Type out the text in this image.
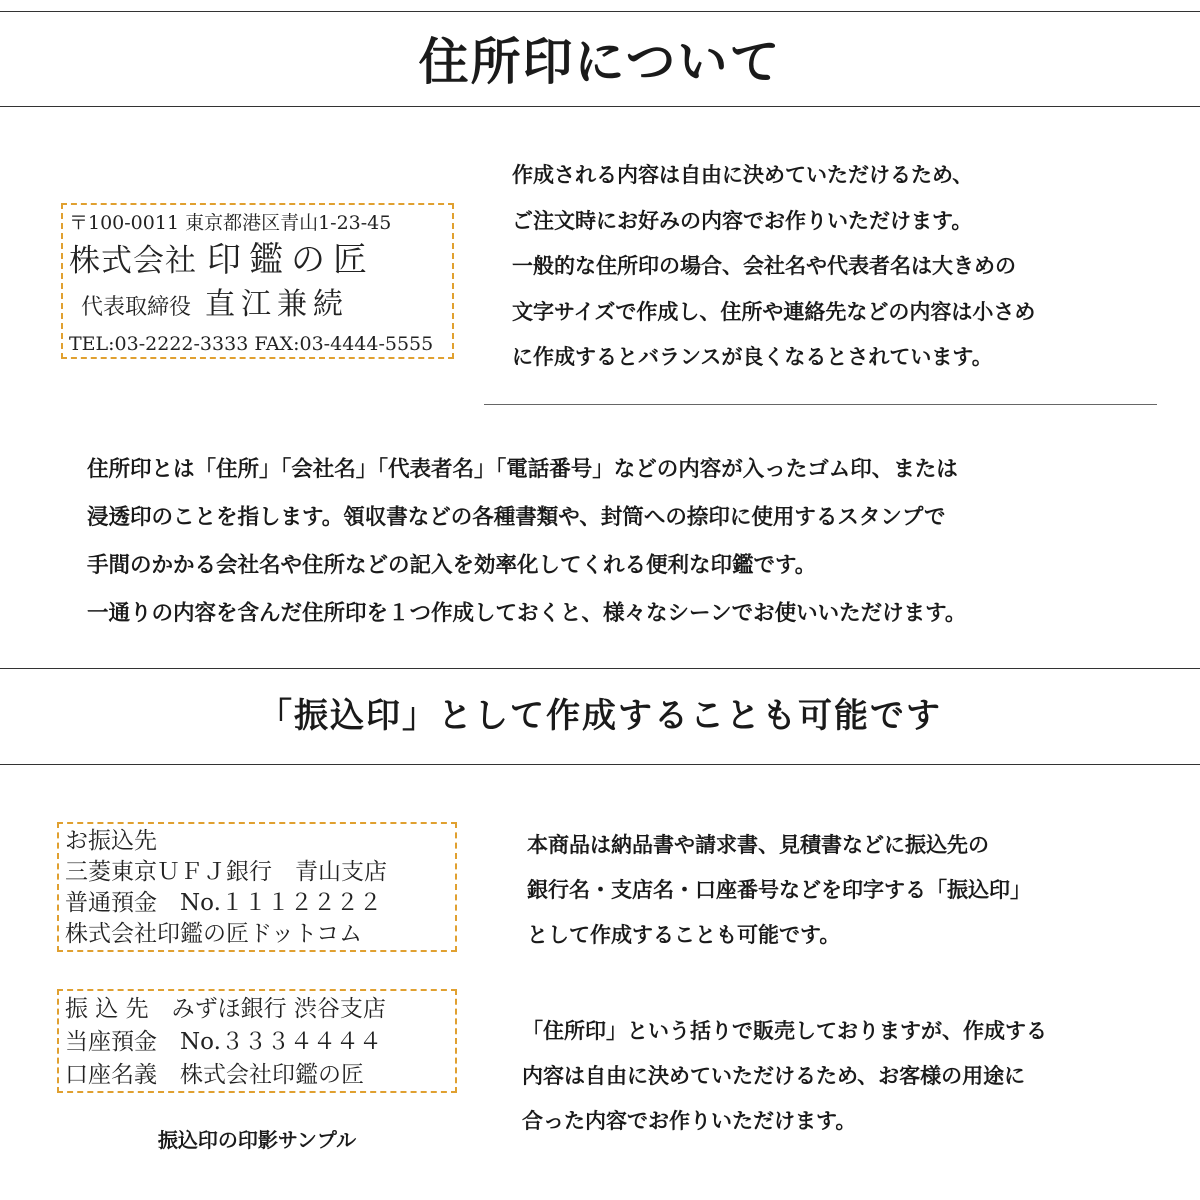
住所印について
〒100-0011 東京都港区青山1-23-45
株式会社 印鑑の匠
代表取締役 直江兼続
TEL:03-2222-3333 FAX:03-4444-5555
作成される内容は自由に決めていただけるため、
ご注文時にお好みの内容でお作りいただけます。
一般的な住所印の場合、会社名や代表者名は大きめの
文字サイズで作成し、住所や連絡先などの内容は小さめ
に作成するとバランスが良くなるとされています。
住所印とは「住所」「会社名」「代表者名」「電話番号」などの内容が入ったゴム印、または
浸透印のことを指します。領収書などの各種書類や、封筒への捺印に使用するスタンプで
手間のかかる会社名や住所などの記入を効率化してくれる便利な印鑑です。
一通りの内容を含んだ住所印を１つ作成しておくと、様々なシーンでお使いいただけます。
「振込印」として作成することも可能です
お振込先
三菱東京ＵＦＪ銀行　青山支店
普通預金　No.１１１２２２２
株式会社印鑑の匠ドットコム
振 込 先　みずほ銀行 渋谷支店
当座預金　No.３３３４４４４
口座名義　株式会社印鑑の匠
振込印の印影サンプル
本商品は納品書や請求書、見積書などに振込先の
銀行名・支店名・口座番号などを印字する「振込印」
として作成することも可能です。
「住所印」という括りで販売しておりますが、作成する
内容は自由に決めていただけるため、お客様の用途に
合った内容でお作りいただけます。
